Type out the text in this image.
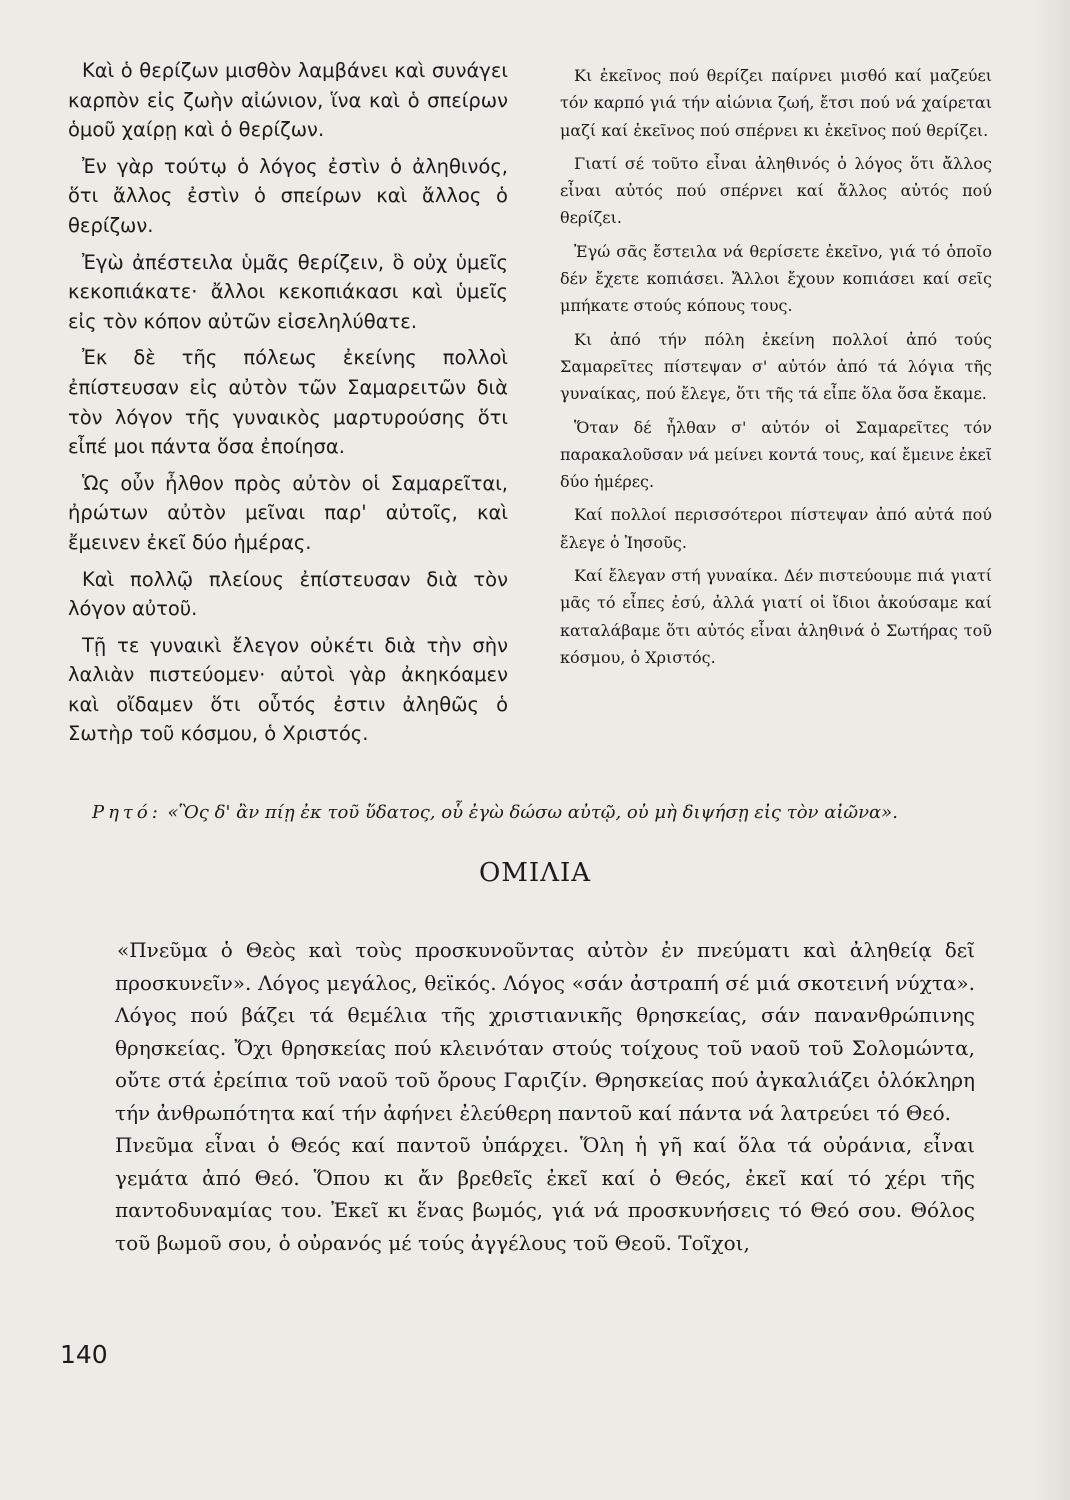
Καὶ ὁ θερίζων μισθὸν λαμβάνει καὶ συνάγει καρπὸν εἰς ζωὴν αἰώνιον, ἵνα καὶ ὁ σπείρων ὁμοῦ χαίρῃ καὶ ὁ θερίζων.

Ἐν γὰρ τούτῳ ὁ λόγος ἐστὶν ὁ ἀληθινός, ὅτι ἄλλος ἐστὶν ὁ σπείρων καὶ ἄλλος ὁ θερίζων.

Ἐγὼ ἀπέστειλα ὑμᾶς θερίζειν, ὃ οὐχ ὑμεῖς κεκοπιάκατε· ἄλλοι κεκοπιάκασι καὶ ὑμεῖς εἰς τὸν κόπον αὐτῶν εἰσεληλύθατε.

Ἐκ δὲ τῆς πόλεως ἐκείνης πολλοὶ ἐπίστευσαν εἰς αὐτὸν τῶν Σαμαρειτῶν διὰ τὸν λόγον τῆς γυναικὸς μαρτυρούσης ὅτι εἶπέ μοι πάντα ὅσα ἐποίησα.

Ὡς οὖν ἦλθον πρὸς αὐτὸν οἱ Σαμαρεῖται, ἠρώτων αὐτὸν μεῖναι παρ' αὐτοῖς, καὶ ἔμεινεν ἐκεῖ δύο ἡμέρας.

Καὶ πολλῷ πλείους ἐπίστευσαν διὰ τὸν λόγον αὐτοῦ.

Τῇ τε γυναικὶ ἔλεγον οὐκέτι διὰ τὴν σὴν λαλιὰν πιστεύομεν· αὐτοὶ γὰρ ἀκηκόαμεν καὶ οἴδαμεν ὅτι οὗτός ἐστιν ἀληθῶς ὁ Σωτὴρ τοῦ κόσμου, ὁ Χριστός.

Κι ἐκεῖνος πού θερίζει παίρνει μισθό καί μαζεύει τόν καρπό γιά τήν αἰώνια ζωή, ἔτσι πού νά χαίρεται μαζί καί ἐκεῖνος πού σπέρνει κι ἐκεῖνος πού θερίζει.

Γιατί σέ τοῦτο εἶναι ἀληθινός ὁ λόγος ὅτι ἄλλος εἶναι αὐτός πού σπέρνει καί ἄλλος αὐτός πού θερίζει.

Ἐγώ σᾶς ἔστειλα νά θερίσετε ἐκεῖνο, γιά τό ὁποῖο δέν ἔχετε κοπιάσει. Ἄλλοι ἔχουν κοπιάσει καί σεῖς μπήκατε στούς κόπους τους.

Κι ἀπό τήν πόλη ἐκείνη πολλοί ἀπό τούς Σαμαρεῖτες πίστεψαν σ' αὐτόν ἀπό τά λόγια τῆς γυναίκας, πού ἔλεγε, ὅτι τῆς τά εἶπε ὅλα ὅσα ἔκαμε.

Ὅταν δέ ἦλθαν σ' αὐτόν οἱ Σαμαρεῖτες τόν παρακαλοῦσαν νά μείνει κοντά τους, καί ἔμεινε ἐκεῖ δύο ἡμέρες.

Καί πολλοί περισσότεροι πίστεψαν ἀπό αὐτά πού ἔλεγε ὁ Ἰησοῦς.

Καί ἔλεγαν στή γυναίκα. Δέν πιστεύουμε πιά γιατί μᾶς τό εἶπες ἐσύ, ἀλλά γιατί οἱ ἴδιοι ἀκούσαμε καί καταλάβαμε ὅτι αὐτός εἶναι ἀληθινά ὁ Σωτήρας τοῦ κόσμου, ὁ Χριστός.

Ρητό: «Ὃς δ' ἂν πίῃ ἐκ τοῦ ὕδατος, οὗ ἐγὼ δώσω αὐτῷ, οὐ μὴ διψήσῃ εἰς τὸν αἰῶνα».
ΟΜΙΛΙΑ

«Πνεῦμα ὁ Θεὸς καὶ τοὺς προσκυνοῦντας αὐτὸν ἐν πνεύματι καὶ ἀληθείᾳ δεῖ προσκυνεῖν». Λόγος μεγάλος, θεϊκός. Λόγος «σάν ἀστραπή σέ μιά σκοτεινή νύχτα». Λόγος πού βάζει τά θεμέλια τῆς χριστιανικῆς θρησκείας, σάν πανανθρώπινης θρησκείας. Ὄχι θρησκείας πού κλεινόταν στούς τοίχους τοῦ ναοῦ τοῦ Σολομώντα, οὔτε στά ἐρείπια τοῦ ναοῦ τοῦ ὄρους Γαριζίν. Θρησκείας πού ἀγκαλιάζει ὁλόκληρη τήν ἀνθρωπότητα καί τήν ἀφήνει ἐλεύθερη παντοῦ καί πάντα νά λατρεύει τό Θεό.

Πνεῦμα εἶναι ὁ Θεός καί παντοῦ ὑπάρχει. Ὅλη ἡ γῆ καί ὅλα τά οὐράνια, εἶναι γεμάτα ἀπό Θεό. Ὅπου κι ἄν βρεθεῖς ἐκεῖ καί ὁ Θεός, ἐκεῖ καί τό χέρι τῆς παντοδυναμίας του. Ἐκεῖ κι ἕνας βωμός, γιά νά προσκυνήσεις τό Θεό σου. Θόλος τοῦ βωμοῦ σου, ὁ οὐρανός μέ τούς ἀγγέλους τοῦ Θεοῦ. Τοῖχοι,

140
